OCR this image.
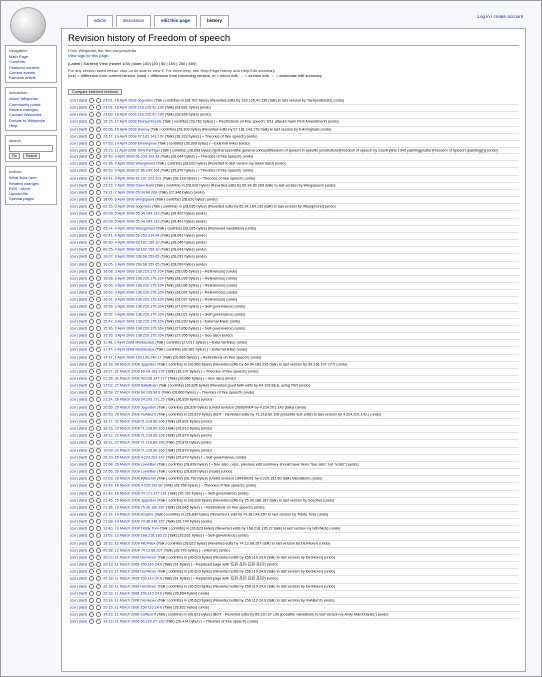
article	discussion	edit this page	history
Log in / create account
navigation
Main Page
Contents
Featured content
Current events
Random article
interaction
About Wikipedia
Community portal
Recent changes
Contact Wikipedia
Donate to Wikipedia
Help
search
Go	Search
toolbox
What links here
Related changes
RSS · Atom
Upload file
Special pages
Revision history of Freedom of speech
From Wikipedia, the free encyclopedia
View logs for this page
(Latest | Earliest) View (newer 100) (older 100) (20 | 50 | 100 | 250 | 500)
For any version listed below, click on its date to view it. For more help, see Help:Page history and Help:Edit summary.
(cur) = difference from current version, (last) = difference from preceding version, m = minor edit, → = section edit, ← = automatic edit summary
Compare selected versions
(cur) (last)	23:01, 18 April 2008 Jpgordon (Talk | contribs) m (28,762 bytes) (Reverted edits by 216.125.42.135 (talk) to last version by Tachyonbursts) (undo)
(cur) (last)	23:01, 18 April 2008 216.125.42.135 (Talk) (28,881 bytes) (undo)
(cur) (last)	23:00, 18 April 2008 216.125.42.135 (Talk) (28,828 bytes) (undo)
(cur) (last)	15:15, 17 April 2008 Tachyonbursts (Talk | contribs) (28,762 bytes) (→Restrictions on free speech: 9/11 attacks harm First Amendment) (undo)
(cur) (last)	00:06, 15 April 2008 Sunray (Talk | contribs) (28,309 bytes) (Reverted edits by 67.181.143.178 (talk) to last version by Erkningmar) (undo)
(cur) (last)	23:17, 14 April 2008 67.181.143.178 (Talk) (28,313 bytes) (→Theories of free speech) (undo)
(cur) (last)	07:53, 14 April 2008 Erkningmar (Talk | contribs) (28,309 bytes) (→External links) (undo)
(cur) (last)	15:23, 11 April 2008 TonyTheTiger (Talk | contribs) (28,098 bytes) ({{otheruses4|the general concept|freedom of speech in specific jurisdictions|Freedom of speech by country|the 1943 painting|poster|Freedom of Speech (painting)}}) (undo)
(cur) (last)	15:43, 9 April 2008 66.234.193.48 (Talk) (28,044 bytes) (→Theories of free speech) (undo)
(cur) (last)	01:36, 9 April 2008 Wisegmund (Talk | contribs) (28,020 bytes) (Reverted to last version by Dawn bard) (undo)
(cur) (last)	00:53, 9 April 2008 67.85.239.164 (Talk) (25,870 bytes) (→Theories of free speech) (undo)
(cur) (last)	00:41, 9 April 2008 81.107.222.201 (Talk) (26,318 bytes) (→Theories of free speech) (undo)
(cur) (last)	23:22, 7 April 2008 Dawn Bard (Talk | contribs) m (28,020 bytes) (Reverted edits by 65.34.80.208 (talk) to last version by Wingspeed) (undo)
(cur) (last)	23:21, 7 April 2008 65.34.80.208 (Talk) (27,346 bytes) (undo)
(cur) (last)	18:06, 6 April 2008 Wingspeed (Talk | contribs) (28,020 bytes) (undo)
(cur) (last)	02:25, 5 April 2008 Jpgordon (Talk | contribs) m (28,035 bytes) (Reverted edits by 65.34.164.133 (talk) to last version by Wisegmund) (undo)
(cur) (last)	00:09, 5 April 2008 65.34.164.133 (Talk) (28,402 bytes) (undo)
(cur) (last)	00:09, 5 April 2008 65.34.164.133 (Talk) (28,401 bytes) (undo)
(cur) (last)	05:14, 4 April 2008 Wisegmund (Talk | contribs) (28,035 bytes) (Removed vandalism) (undo)
(cur) (last)	00:41, 4 April 2008 68.253.214.94 (Talk) (28,042 bytes) (undo)
(cur) (last)	00:30, 4 April 2008 68.192.159.10 (Talk) (28,046 bytes) (undo)
(cur) (last)	00:25, 4 April 2008 68.192.159.10 (Talk) (28,043 bytes) (undo)
(cur) (last)	19:07, 3 April 2008 208.68.153.65 (Talk) (28,037 bytes) (undo)
(cur) (last)	19:05, 3 April 2008 208.68.153.65 (Talk) (28,099 bytes) (undo)
(cur) (last)	16:08, 3 April 2008 138.220.175.164 (Talk) (28,035 bytes) (→References) (undo)
(cur) (last)	16:08, 3 April 2008 138.220.175.164 (Talk) (28,036 bytes) (→References) (undo)
(cur) (last)	16:05, 3 April 2008 138.220.175.164 (Talk) (28,036 bytes) (→References) (undo)
(cur) (last)	16:03, 3 April 2008 138.220.175.164 (Talk) (28,037 bytes) (→References) (undo)
(cur) (last)	16:01, 3 April 2008 138.220.175.164 (Talk) (28,037 bytes) (→References) (undo)
(cur) (last)	15:59, 3 April 2008 138.220.175.164 (Talk) (27,879 bytes) (→Self-governance) (undo)
(cur) (last)	15:57, 3 April 2008 138.220.175.164 (Talk) (28,021 bytes) (→Self-governance) (undo)
(cur) (last)	15:42, 3 April 2008 138.220.175.164 (Talk) (28,020 bytes) (→External links) (undo)
(cur) (last)	15:36, 3 April 2008 138.220.175.164 (Talk) (27,850 bytes) (→Self-governance) (undo)
(cur) (last)	15:26, 3 April 2008 138.220.175.164 (Talk) (27,055 bytes) (→See also) (undo)
(cur) (last)	11:48, 2 April 2008 Mediaculpa (Talk | contribs) (27,017 bytes) (→External links) (undo)
(cur) (last)	11:47, 2 April 2008 Mediaculpa (Talk | contribs) (26,982 bytes) (→External links) (undo)
(cur) (last)	14:37, 1 April 2008 153.156.240.17 (Talk) (26,865 bytes) (→Restrictions on free speech) (undo)
(cur) (last)	20:18, 30 March 2008 Jpgordon (Talk | contribs) m (26,860 bytes) (Reverted edits by 69.94.163.235 (talk) to last version by 99.236.147.177) (undo)
(cur) (last)	19:07, 31 March 2008 69.94.163.235 (Talk) (18,197 bytes) (→Theories of free speech) (undo)
(cur) (last)	01:36, 31 March 2008 99.236.147.177 (Talk) (26,860 bytes) (→See also) (undo)
(cur) (last)	17:02, 27 March 2008 SallyBoan (Talk | contribs) (26,835 bytes) (Reverted good faith edits by 64.193.88.8, using TW) (undo)
(cur) (last)	16:58, 27 March 2008 64.193.88.8 (Talk) (26,860 bytes) (→Theories of free speech) (undo)
(cur) (last)	21:24, 26 March 2008 24.193.171.25 (Talk) (26,839 bytes) (undo)
(cur) (last)	20:55, 25 March 2008 Jpgordon (Talk | contribs) (26,839 bytes) (Undid revision 200009904 by 4.224.201.142 (talk)) (undo)
(cur) (last)	20:50, 25 March 2008 VoABot II (Talk | contribs) m (25,879 bytes) (BOT - Reverted edits by 71.218.60.106 (possible test edits) to last version by 4.224.201.142.) (undo)
(cur) (last)	18:17, 22 March 2008 71.218.80.106 (Talk) (25,831 bytes) (undo)
(cur) (last)	18:16, 22 March 2008 71.218.80.106 (Talk) (25,813 bytes) (undo)
(cur) (last)	18:12, 22 March 2008 71.218.80.106 (Talk) (25,879 bytes) (undo)
(cur) (last)	18:11, 22 March 2008 71.218.80.106 (Talk) (25,879 bytes) (undo)
(cur) (last)	19:09, 22 March 2008 71.218.80.106 (Talk) (25,879 bytes) (undo)
(cur) (last)	20:29, 15 March 2008 4.224.201.142 (Talk) (25,879 bytes) (→Self-governance) (undo)
(cur) (last)	22:08, 26 March 2008 Lowellian (Talk | contribs) (26,839 bytes) (→See also: oops, previous edit summary should have been "see also" not "vcats") (undo)
(cur) (last)	22:56, 20 March 2008 Lowellian (Talk | contribs) (26,839 bytes) (vcats) (undo)
(cur) (last)	22:03, 20 March 2008 Kjfletcher (Talk | contribs) (26,792 bytes) (Undid revision 199430091 by 4.225.152.60 (talk) Vandalism) (undo)
(cur) (last)	20:49, 18 March 2008 4.225.152.60 (Talk) (26,758 bytes) (→Theories of free speech) (undo)
(cur) (last)	01:42, 16 March 2008 74.171.227.191 (Talk) (26,762 bytes) (→Self-governance) (undo)
(cur) (last)	22:45, 15 March 2008 Jpgordon (Talk | contribs) m (26,839 bytes) (Reverted edits by 75.30.180.187 (talk) to last version by Sceptre) (undo)
(cur) (last)	21:36, 15 March 2008 75.30.180.187 (Talk) (26,645 bytes) (→Restrictions on free speech) (undo)
(cur) (last)	21:14, 14 March 2008 Sceptre (Talk | contribs) m (26,839 bytes) (Reverted 1 edit by 74.38.248.157 to last version by Tiddly Tom) (undo)
(cur) (last)	21:08, 14 March 2008 74.38.248.157 (Talk) (26,734 bytes) (undo)
(cur) (last)	13:40, 13 March 2008 Tiddly Tom (Talk | contribs) m (26,623 bytes) (Reverted edits by 168.216.135.22 (talk) to last version by HiDrNick) (undo)
(cur) (last)	13:02, 13 March 2008 168.216.135.22 (Talk) (26,631 bytes) (→Self-governance) (undo)
(cur) (last)	18:52, 12 March 2008 HiDrNick (Talk | contribs) (26,623 bytes) (Reverted edits by 74.12.68.207 (talk) to last version by DerHexer) (undo)
(cur) (last)	05:58, 12 March 2008 74.12.68.207 (Talk) (26,776 bytes) (→Internet) (undo)
(cur) (last)	20:23, 11 March 2008 DerHexer (Talk | contribs) m (26,623 bytes) (Reverted edits by 156.110.24.6 (talk) to last version by DerHexer) (undo)
(cur) (last)	20:19, 11 March 2008 156.110.24.6 (Talk) (61 bytes) (←Replaced page with '乱码 乱码 乱码 乱码') (undo)
(cur) (last)	20:19, 11 March 2008 DerHexer (Talk | contribs) m (26,623 bytes) (Reverted edits by 156.110.24.6 (talk) to last version by DerHexer) (undo)
(cur) (last)	20:18, 11 March 2008 156.110.24.6 (Talk) (61 bytes) (←Replaced page with '乱码 乱码 乱码 乱码') (undo)
(cur) (last)	20:18, 11 March 2008 DerHexer (Talk | contribs) m (26,623 bytes) (Reverted edits by 156.110.24.6 (talk) to last version by DerHexer) (undo)
(cur) (last)	20:18, 11 March 2008 156.110.24.6 (Talk) (26,654 bytes) (undo)
(cur) (last)	20:14, 11 March 2008 DerHexer (Talk | contribs) m (26,623 bytes) (Reverted edits by 156.110.24.6 (talk) to last version by VoABot II) (undo)
(cur) (last)	20:13, 11 March 2008 156.110.24.6 (Talk) (26,622 bytes) (undo)
(cur) (last)	14:23, 11 March 2008 VoABot II (Talk | contribs) m (26,623 bytes) (BOT - Reverted edits by 65.220.97.130 (possible vandalism) to last version by Andy Marchbanks.) (undo)
(cur) (last)	14:23, 11 March 2008 65.220.97.130 (Talk) (26,414 bytes) (→Theories of free speech) (undo)
